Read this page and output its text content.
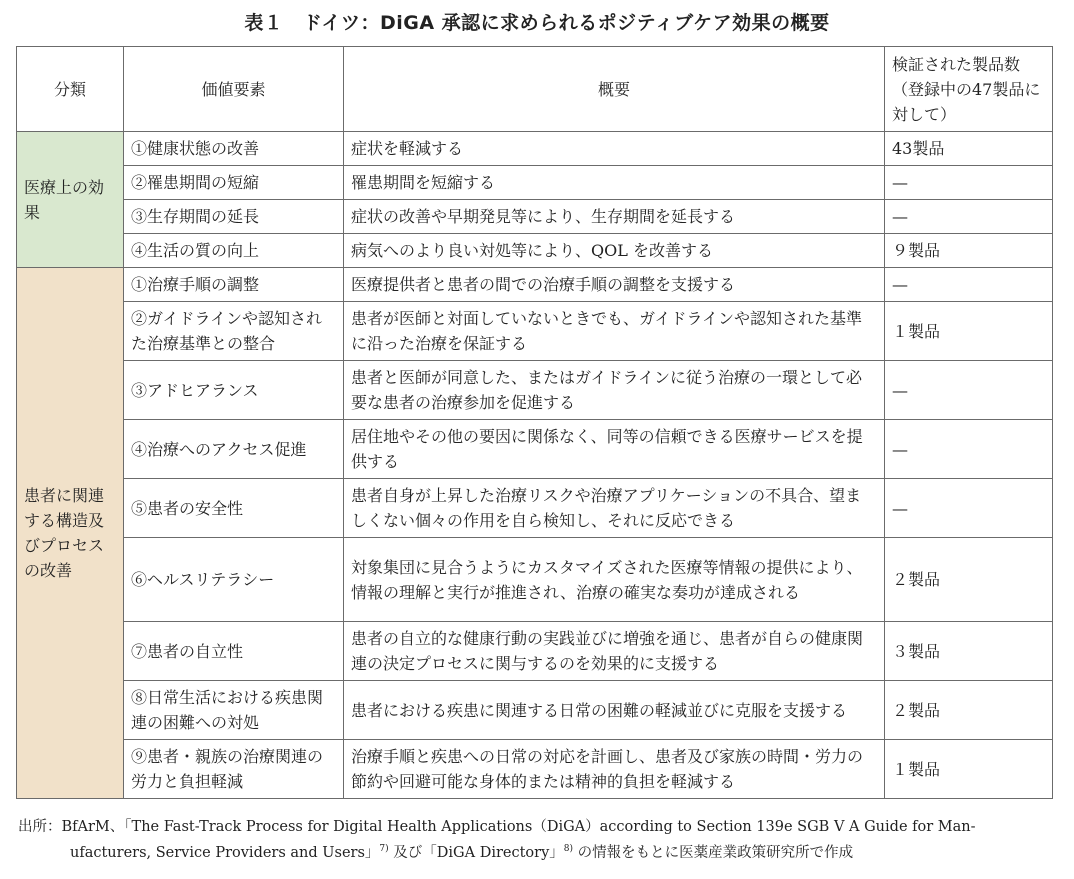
表１　ドイツ：DiGA 承認に求められるポジティブケア効果の概要
分類	価値要素	概要	検証された製品数（登録中の47製品に対して）
医療上の効果	①健康状態の改善	症状を軽減する	43製品
	②罹患期間の短縮	罹患期間を短縮する	—
	③生存期間の延長	症状の改善や早期発見等により、生存期間を延長する	—
	④生活の質の向上	病気へのより良い対処等により、QOL を改善する	９製品
患者に関連する構造及びプロセスの改善	①治療手順の調整	医療提供者と患者の間での治療手順の調整を支援する	—
	②ガイドラインや認知された治療基準との整合	患者が医師と対面していないときでも、ガイドラインや認知された基準に沿った治療を保証する	１製品
	③アドヒアランス	患者と医師が同意した、またはガイドラインに従う治療の一環として必要な患者の治療参加を促進する	—
	④治療へのアクセス促進	居住地やその他の要因に関係なく、同等の信頼できる医療サービスを提供する	—
	⑤患者の安全性	患者自身が上昇した治療リスクや治療アプリケーションの不具合、望ましくない個々の作用を自ら検知し、それに反応できる	—
	⑥ヘルスリテラシー	対象集団に見合うようにカスタマイズされた医療等情報の提供により、情報の理解と実行が推進され、治療の確実な奏功が達成される	２製品
	⑦患者の自立性	患者の自立的な健康行動の実践並びに増強を通じ、患者が自らの健康関連の決定プロセスに関与するのを効果的に支援する	３製品
	⑧日常生活における疾患関連の困難への対処	患者における疾患に関連する日常の困難の軽減並びに克服を支援する	２製品
	⑨患者・親族の治療関連の労力と負担軽減	治療手順と疾患への日常の対応を計画し、患者及び家族の時間・労力の節約や回避可能な身体的または精神的負担を軽減する	１製品
出所：BfArM、「The Fast-Track Process for Digital Health Applications（DiGA）according to Section 139e SGB V A Guide for Man-
ufacturers, Service Providers and Users」$^{7)}$ 及び「DiGA Directory」$^{8)}$ の情報をもとに医薬産業政策研究所で作成
